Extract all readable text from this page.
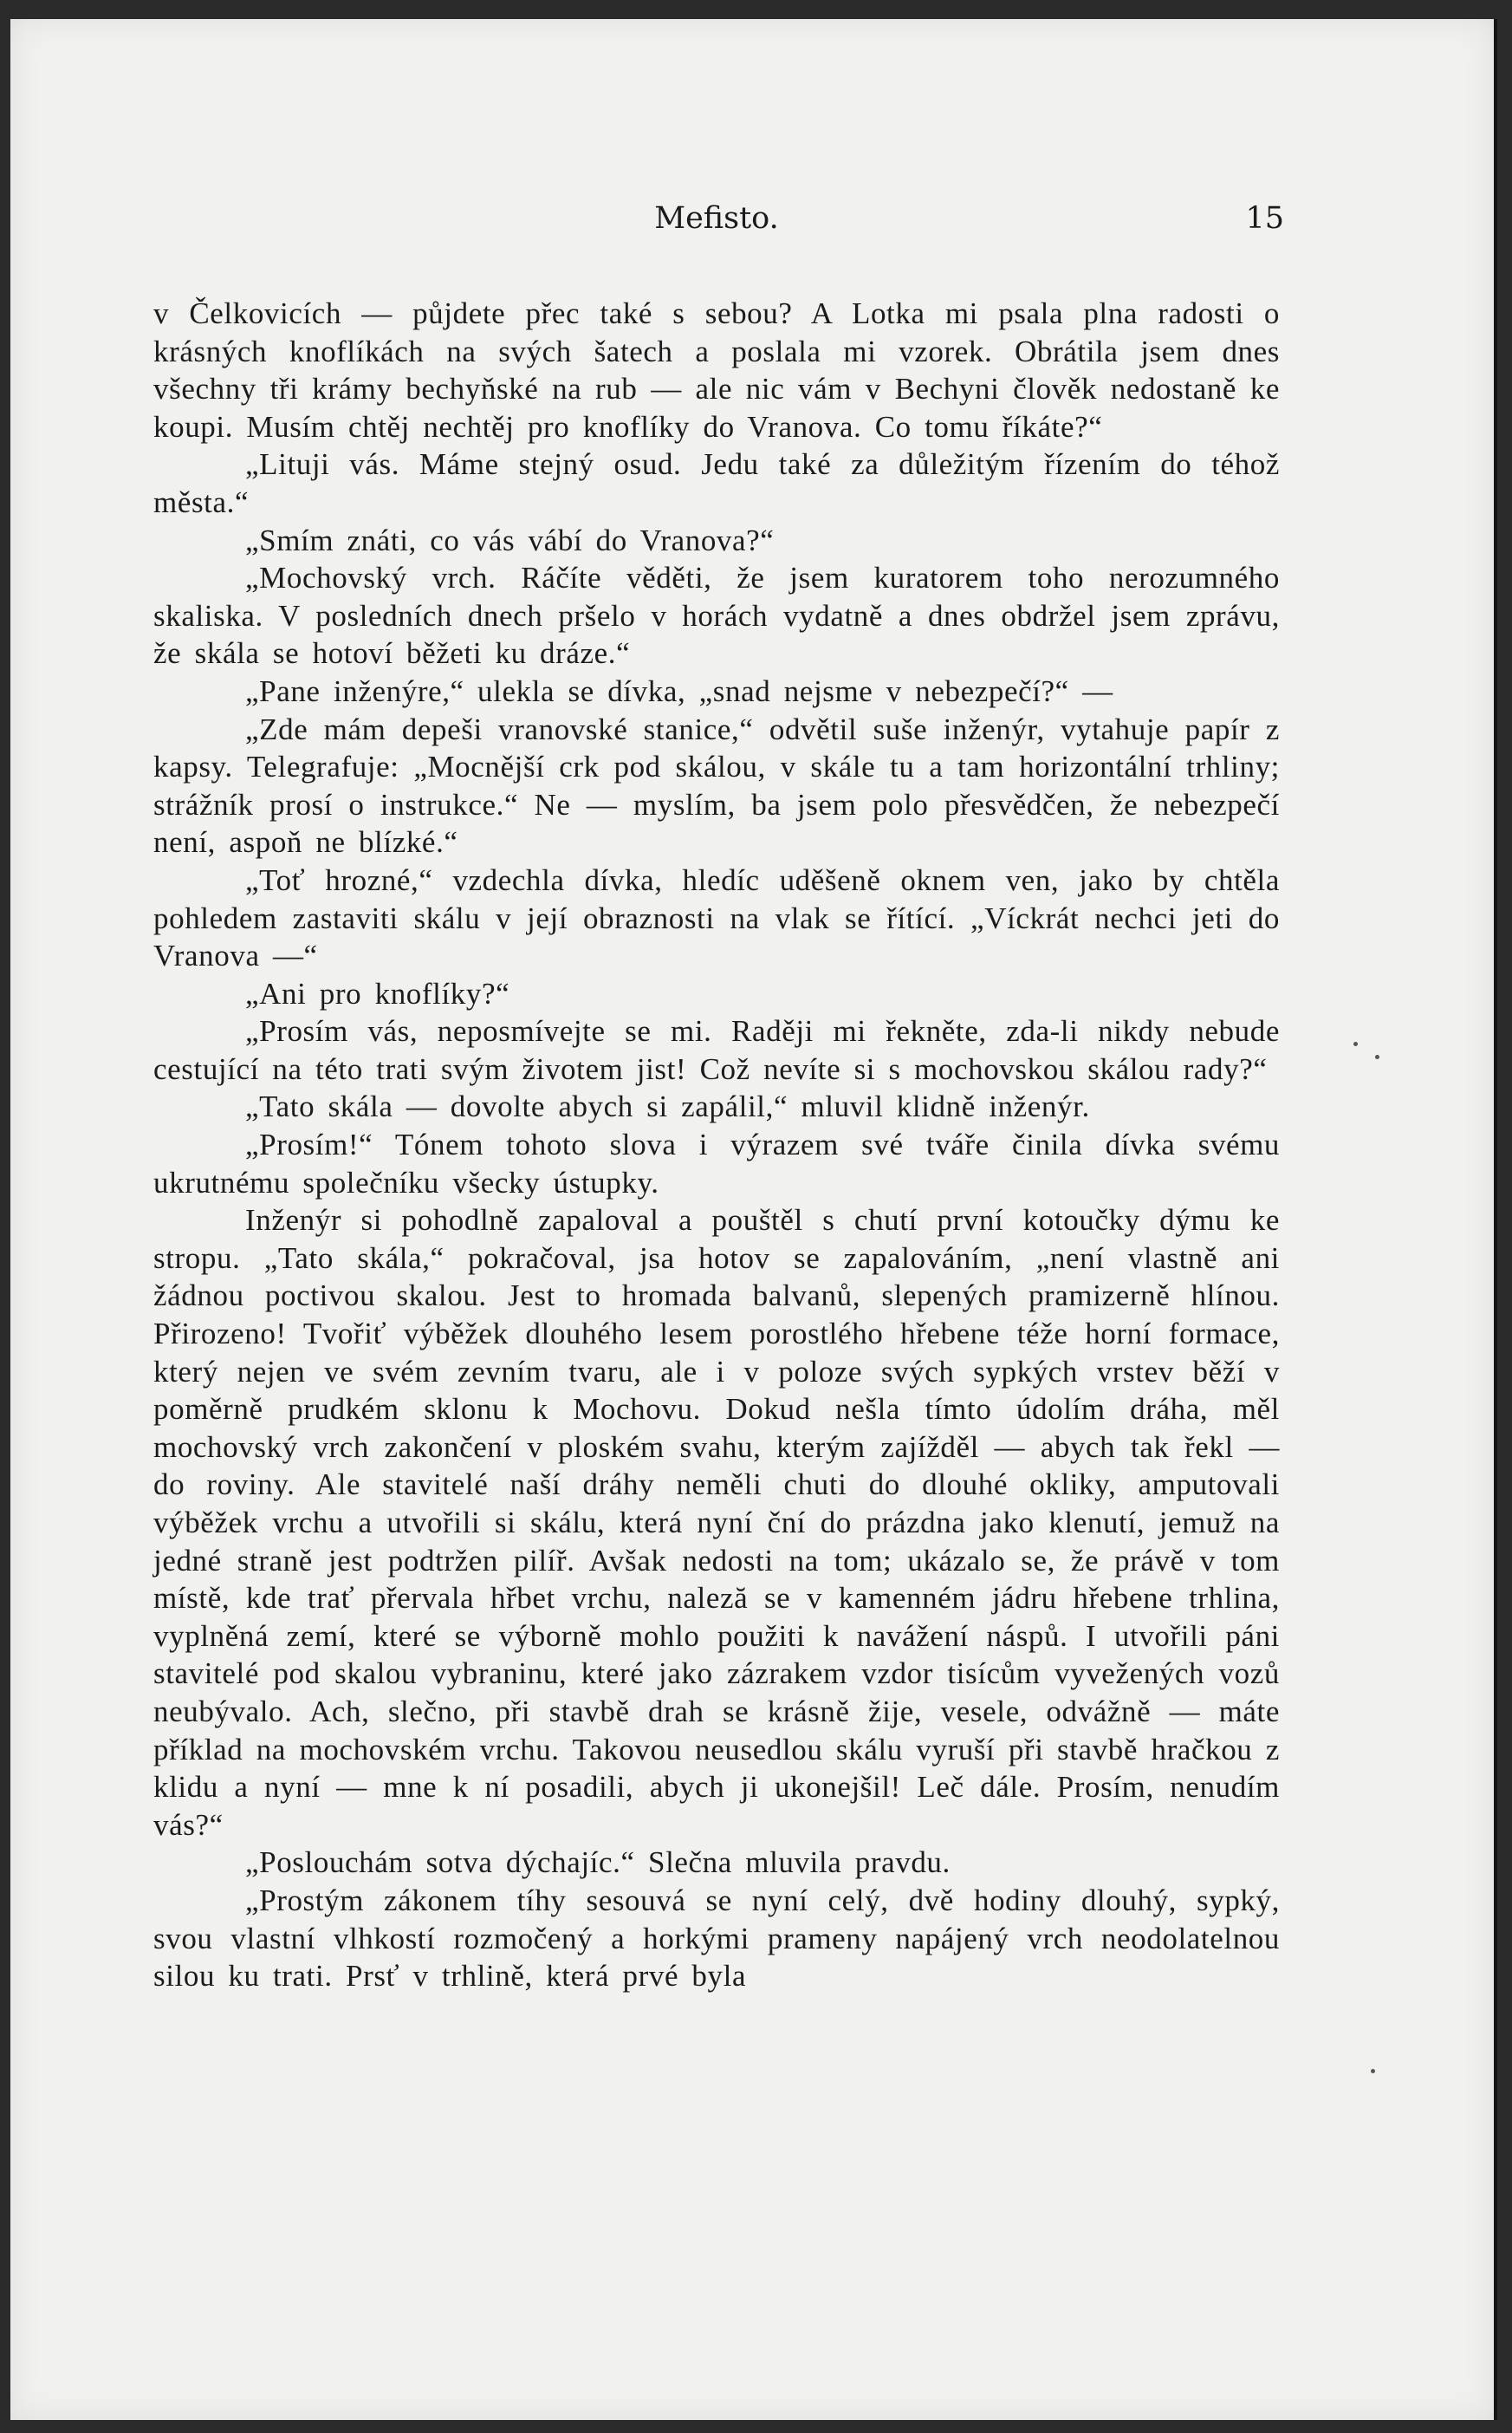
Mefisto.	15

v Čelkovicích — půjdete přec také s sebou? A Lotka mi psala plna radosti o krásných knoflíkách na svých šatech a poslala mi vzorek. Obrátila jsem dnes všechny tři krámy bechyňské na rub — ale nic vám v Bechyni člověk nedostaně ke koupi. Musím chtěj nechtěj pro knoflíky do Vranova. Co tomu říkáte?“

„Lituji vás. Máme stejný osud. Jedu také za důležitým řízením do téhož města.“

„Smím znáti, co vás vábí do Vranova?“

„Mochovský vrch. Ráčíte věděti, že jsem kuratorem toho nerozumného skaliska. V posledních dnech pršelo v horách vydatně a dnes obdržel jsem zprávu, že skála se hotoví běžeti ku dráze.“

„Pane inženýre,“ ulekla se dívka, „snad nejsme v nebezpečí?“ —

„Zde mám depeši vranovské stanice,“ odvětil suše inženýr, vytahuje papír z kapsy. Telegrafuje: „Mocnější crk pod skálou, v skále tu a tam horizontální trhliny; strážník prosí o instrukce.“ Ne — myslím, ba jsem polo přesvědčen, že nebezpečí není, aspoň ne blízké.“

„Toť hrozné,“ vzdechla dívka, hledíc uděšeně oknem ven, jako by chtěla pohledem zastaviti skálu v její obraznosti na vlak se řítící. „Víckrát nechci jeti do Vranova —“

„Ani pro knoflíky?“

„Prosím vás, neposmívejte se mi. Raději mi řekněte, zda-li nikdy nebude cestující na této trati svým životem jist! Což nevíte si s mochovskou skálou rady?“

„Tato skála — dovolte abych si zapálil,“ mluvil klidně inženýr.

„Prosím!“ Tónem tohoto slova i výrazem své tváře činila dívka svému ukrutnému společníku všecky ústupky.

Inženýr si pohodlně zapaloval a pouštěl s chutí první kotoučky dýmu ke stropu. „Tato skála,“ pokračoval, jsa hotov se zapalováním, „není vlastně ani žádnou poctivou skalou. Jest to hromada balvanů, slepených pramizerně hlínou. Přirozeno! Tvořiť výběžek dlouhého lesem porostlého hřebene téže horní formace, který nejen ve svém zevním tvaru, ale i v poloze svých sypkých vrstev běží v poměrně prudkém sklonu k Mochovu. Dokud nešla tímto údolím dráha, měl mochovský vrch zakončení v ploském svahu, kterým zajížděl — abych tak řekl — do roviny. Ale stavitelé naší dráhy neměli chuti do dlouhé okliky, amputovali výběžek vrchu a utvořili si skálu, která nyní ční do prázdna jako klenutí, jemuž na jedné straně jest podtržen pilíř. Avšak nedosti na tom; ukázalo se, že právě v tom místě, kde trať přervala hřbet vrchu, naleză se v kamenném jádru hřebene trhlina, vyplněná zemí, které se výborně mohlo použiti k navážení náspů. I utvořili páni stavitelé pod skalou vybraninu, které jako zázrakem vzdor tisícům vyvežených vozů neubývalo. Ach, slečno, při stavbě drah se krásně žije, vesele, odvážně — máte příklad na mochovském vrchu. Takovou neusedlou skálu vyruší při stavbě hračkou z klidu a nyní — mne k ní posadili, abych ji ukonejšil! Leč dále. Prosím, nenudím vás?“

„Poslouchám sotva dýchajíc.“ Slečna mluvila pravdu.

„Prostým zákonem tíhy sesouvá se nyní celý, dvě hodiny dlouhý, sypký, svou vlastní vlhkostí rozmočený a horkými prameny napájený vrch neodolatelnou silou ku trati. Prsť v trhlině, která prvé byla
